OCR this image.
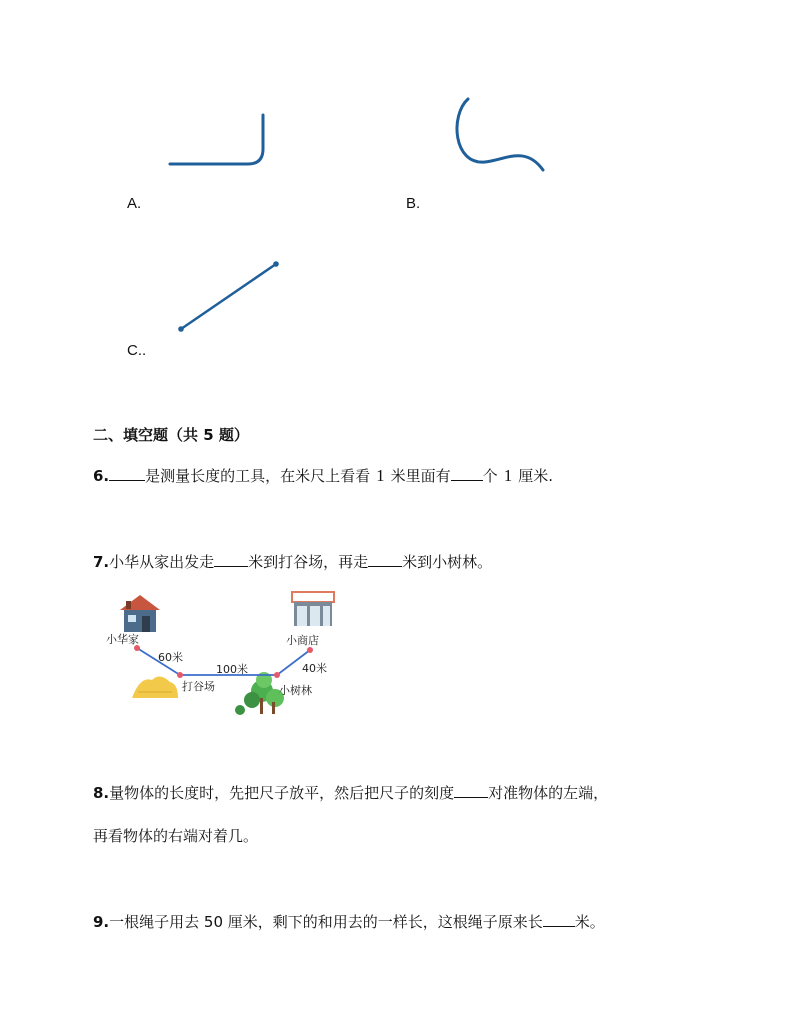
A.	B.
C..
二、填空题（共 5 题）
6. 是测量长度的工具，在米尺上看看 1 米里面有 个 1 厘米.
7.小华从家出发走 米到打谷场，再走 米到小树林。
小华家
60米
100米
打谷场
小商店
40米
小树林
8.量物体的长度时，先把尺子放平，然后把尺子的刻度 对准物体的左端，
再看物体的右端对着几。
9.一根绳子用去 50 厘米，剩下的和用去的一样长，这根绳子原来长 米。
